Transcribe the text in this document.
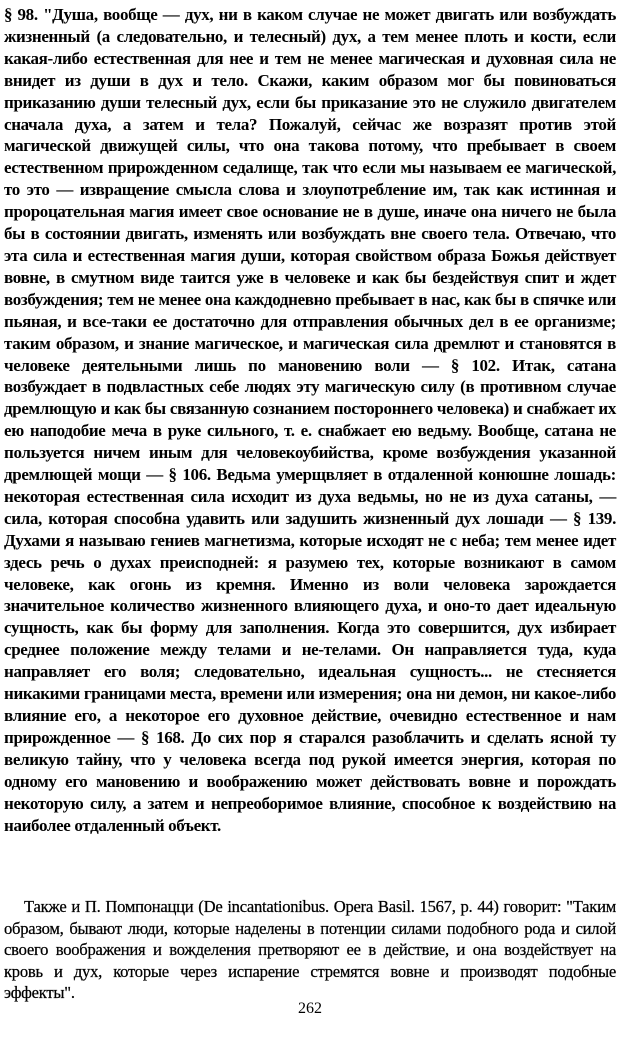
§ 98. "Душа, вообще — дух, ни в каком случае не может двигать или возбуждать жизненный (а следовательно, и телесный) дух, а тем менее плоть и кости, если какая-либо естественная для нее и тем не менее магическая и духовная сила не внидет из души в дух и тело. Скажи, каким образом мог бы повиноваться приказанию души телесный дух, если бы приказание это не служило двигателем сначала духа, а затем и тела? Пожалуй, сейчас же возразят против этой магической движущей силы, что она такова потому, что пребывает в своем естественном прирожденном седалище, так что если мы называем ее магической, то это — извращение смысла слова и злоупотребление им, так как истинная и пророцательная магия имеет свое основание не в душе, иначе она ничего не была бы в состоянии двигать, изменять или возбуждать вне своего тела. Отвечаю, что эта сила и естественная магия души, которая свойством образа Божья действует вовне, в смутном виде таится уже в человеке и как бы бездействуя спит и ждет возбуждения; тем не менее она каждодневно пребывает в нас, как бы в спячке или пьяная, и все-таки ее достаточно для отправления обычных дел в ее организме; таким образом, и знание магическое, и магическая сила дремлют и становятся в человеке деятельными лишь по мановению воли — § 102. Итак, сатана возбуждает в подвластных себе людях эту магическую силу (в противном случае дремлющую и как бы связанную сознанием постороннего человека) и снабжает их ею наподобие меча в руке сильного, т. е. снабжает ею ведьму. Вообще, сатана не пользуется ничем иным для человекоубийства, кроме возбуждения указанной дремлющей мощи — § 106. Ведьма умерщвляет в отдаленной конюшне лошадь: некоторая естественная сила исходит из духа ведьмы, но не из духа сатаны, — сила, которая способна удавить или задушить жизненный дух лошади — § 139. Духами я называю гениев магнетизма, которые исходят не с неба; тем менее идет здесь речь о духах преисподней: я разумею тех, которые возникают в самом человеке, как огонь из кремня. Именно из воли человека зарождается значительное количество жизненного влияющего духа, и оно-то дает идеальную сущность, как бы форму для заполнения. Когда это совершится, дух избирает среднее положение между телами и не-телами. Он направляется туда, куда направляет его воля; следовательно, идеальная сущность... не стесняется никакими границами места, времени или измерения; она ни демон, ни какое-либо влияние его, а некоторое его духовное действие, очевидно естественное и нам прирожденное — § 168. До сих пор я старался разоблачить и сделать ясной ту великую тайну, что у человека всегда под рукой имеется энергия, которая по одному его мановению и воображению может действовать вовне и порождать некоторую силу, а затем и непреоборимое влияние, способное к воздействию на наиболее отдаленный объект.

Также и П. Помпонацци (De incantationibus. Opera Basil. 1567, p. 44) говорит: "Таким образом, бывают люди, которые наделены в потенции силами подобного рода и силой своего воображения и вожделения претворяют ее в действие, и она воздействует на кровь и дух, которые через испарение стремятся вовне и производят подобные эффекты".

262
